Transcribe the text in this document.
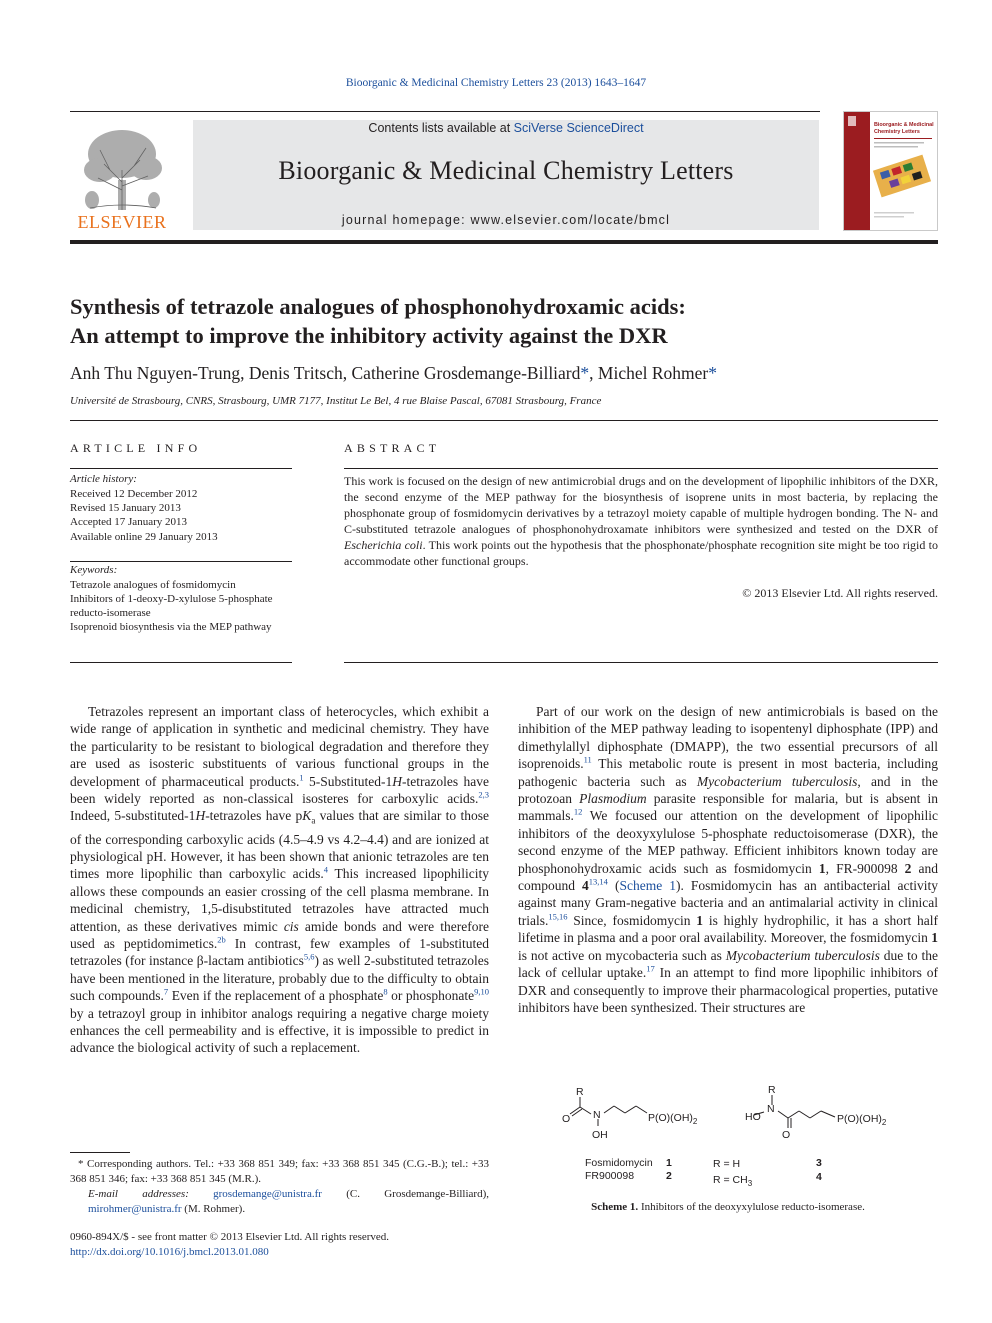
Bioorganic & Medicinal Chemistry Letters 23 (2013) 1643–1647
ELSEVIER
Contents lists available at SciVerse ScienceDirect
Bioorganic & Medicinal Chemistry Letters
journal homepage: www.elsevier.com/locate/bmcl
Bioorganic & Medicinal
Chemistry Letters
Synthesis of tetrazole analogues of phosphonohydroxamic acids:
An attempt to improve the inhibitory activity against the DXR
Anh Thu Nguyen-Trung, Denis Tritsch, Catherine Grosdemange-Billiard*, Michel Rohmer*
Université de Strasbourg, CNRS, Strasbourg, UMR 7177, Institut Le Bel, 4 rue Blaise Pascal, 67081 Strasbourg, France
ARTICLE INFO
Article history:
Received 12 December 2012
Revised 15 January 2013
Accepted 17 January 2013
Available online 29 January 2013
Keywords:
Tetrazole analogues of fosmidomycin
Inhibitors of 1-deoxy-D-xylulose 5-phosphate reducto-isomerase
Isoprenoid biosynthesis via the MEP pathway
ABSTRACT
This work is focused on the design of new antimicrobial drugs and on the development of lipophilic inhibitors of the DXR, the second enzyme of the MEP pathway for the biosynthesis of isoprene units in most bacteria, by replacing the phosphonate group of fosmidomycin derivatives by a tetrazoyl moiety capable of multiple hydrogen bonding. The N- and C-substituted tetrazole analogues of phosphonohydroxamate inhibitors were synthesized and tested on the DXR of Escherichia coli. This work points out the hypothesis that the phosphonate/phosphate recognition site might be too rigid to accommodate other functional groups.
© 2013 Elsevier Ltd. All rights reserved.

Tetrazoles represent an important class of heterocycles, which exhibit a wide range of application in synthetic and medicinal chemistry. They have the particularity to be resistant to biological degradation and therefore they are used as isosteric substituents of various functional groups in the development of pharmaceutical products.$^1$ 5-Substituted-1H-tetrazoles have been widely reported as non-classical isosteres for carboxylic acids.$^{2,3}$ Indeed, 5-substituted-1H-tetrazoles have $pK_a$ values that are similar to those of the corresponding carboxylic acids (4.5–4.9 vs 4.2–4.4) and are ionized at physiological pH. However, it has been shown that anionic tetrazoles are ten times more lipophilic than carboxylic acids.$^4$ This increased lipophilicity allows these compounds an easier crossing of the cell plasma membrane. In medicinal chemistry, 1,5-disubstituted tetrazoles have attracted much attention, as these derivatives mimic cis amide bonds and were therefore used as peptidomimetics.$^{2b}$ In contrast, few examples of 1-substituted tetrazoles (for instance β-lactam antibiotics$^{5,6}$) as well 2-substituted tetrazoles have been mentioned in the literature, probably due to the difficulty to obtain such compounds.$^7$ Even if the replacement of a phosphate$^8$ or phosphonate$^{9,10}$ by a tetrazoyl group in inhibitor analogs requiring a negative charge moiety enhances the cell permeability and is effective, it is impossible to predict in advance the biological activity of such a replacement.

Part of our work on the design of new antimicrobials is based on the inhibition of the MEP pathway leading to isopentenyl diphosphate (IPP) and dimethylallyl diphosphate (DMAPP), the two essential precursors of all isoprenoids.$^{11}$ This metabolic route is present in most bacteria, including pathogenic bacteria such as Mycobacterium tuberculosis, and in the protozoan Plasmodium parasite responsible for malaria, but is absent in mammals.$^{12}$ We focused our attention on the development of lipophilic inhibitors of the deoxyxylulose 5-phosphate reductoisomerase (DXR), the second enzyme of the MEP pathway. Efficient inhibitors known today are phosphonohydroxamic acids such as fosmidomycin 1, FR-900098 2 and compound 4$^{13,14}$ (Scheme 1). Fosmidomycin has an antibacterial activity against many Gram-negative bacteria and an antimalarial activity in clinical trials.$^{15,16}$ Since, fosmidomycin 1 is highly hydrophilic, it has a short half lifetime in plasma and a poor oral availability. Moreover, the fosmidomycin 1 is not active on mycobacteria such as Mycobacterium tuberculosis due to the lack of cellular uptake.$^{17}$ In an attempt to find more lipophilic inhibitors of DXR and consequently to improve their pharmacological properties, putative inhibitors have been synthesized. Their structures are

R
O N
OH
$P(O)(OH)_2$
R
N
HO
O
$P(O)(OH)_2$
Fosmidomycin 1
FR900098	2
R = H	3
$R = CH_3$
4
Scheme 1. Inhibitors of the deoxyxylulose reducto-isomerase.
* Corresponding authors. Tel.: +33 368 851 349; fax: +33 368 851 345 (C.G.-B.); tel.: +33 368 851 346; fax: +33 368 851 345 (M.R.).
E-mail addresses: grosdemange@unistra.fr (C. Grosdemange-Billiard), mirohmer@unistra.fr (M. Rohmer).
0960-894X/$ - see front matter © 2013 Elsevier Ltd. All rights reserved.
http://dx.doi.org/10.1016/j.bmcl.2013.01.080
